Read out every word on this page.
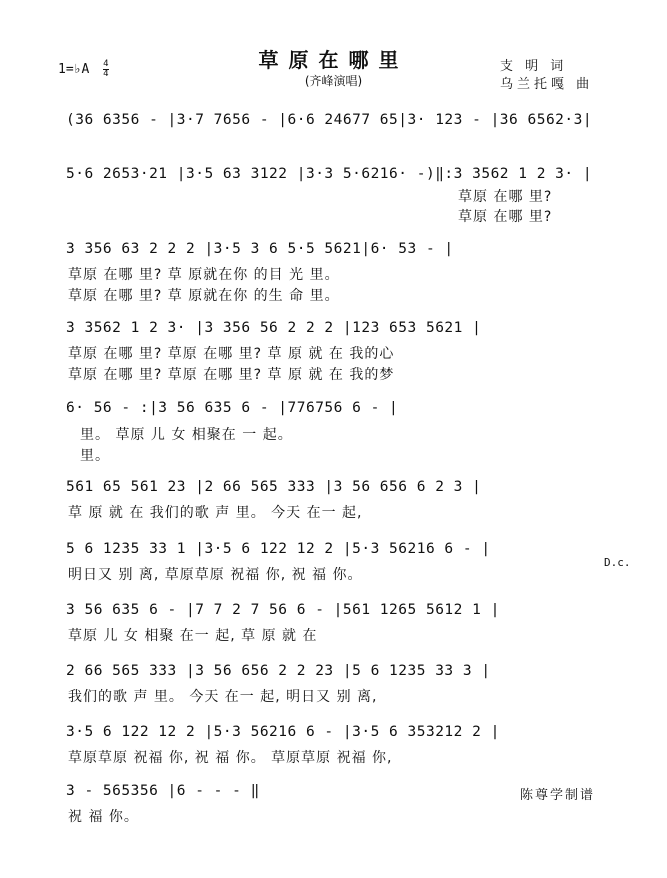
草原在哪里
(齐峰演唱)
1=♭A $\frac{4}{4}$	支 明 词
乌兰托嘎 曲
(36 6356 - |3·7 7656 - |6·6 24677 65|3· 123 - |36 6562·3|
5·6 2653·21 |3·5 63 3122 |3·3 5·6216· -)‖:3 3562 1 2 3· |
草原 在哪 里?
草原 在哪 里?
3 356 63 2 2 2 |3·5 3 6 5·5 5621|6· 53 - |
草原 在哪 里? 草 原就在你 的目 光 里。
草原 在哪 里? 草 原就在你 的生 命 里。
3 3562 1 2 3· |3 356 56 2 2 2 |123 653 5621 |
草原 在哪 里? 草原 在哪 里? 草 原 就 在 我的心
草原 在哪 里? 草原 在哪 里? 草 原 就 在 我的梦
6· 56 - :|3 56 635 6 - |776756 6 - |
里。 草原 儿 女 相聚在 一 起。
里。
561 65 561 23 |2 66 565 333 |3 56 656 6 2 3 |
草 原 就 在 我们的歌 声 里。 今天 在一 起,
5 6 1235 33 1 |3·5 6 122 12 2 |5·3 56216 6 - |
明日又 别 离, 草原草原 祝福 你, 祝 福 你。
D.c.
3 56 635 6 - |7 7 2 7 56 6 - |561 1265 5612 1 |
草原 儿 女 相聚 在一 起, 草 原 就 在
2 66 565 333 |3 56 656 2 2 23 |5 6 1235 33 3 |
我们的歌 声 里。 今天 在一 起, 明日又 别 离,
3·5 6 122 12 2 |5·3 56216 6 - |3·5 6 353212 2 |
草原草原 祝福 你, 祝 福 你。 草原草原 祝福 你,
3 - 565356 |6 - - - ‖
祝 福 你。
陈尊学制谱
